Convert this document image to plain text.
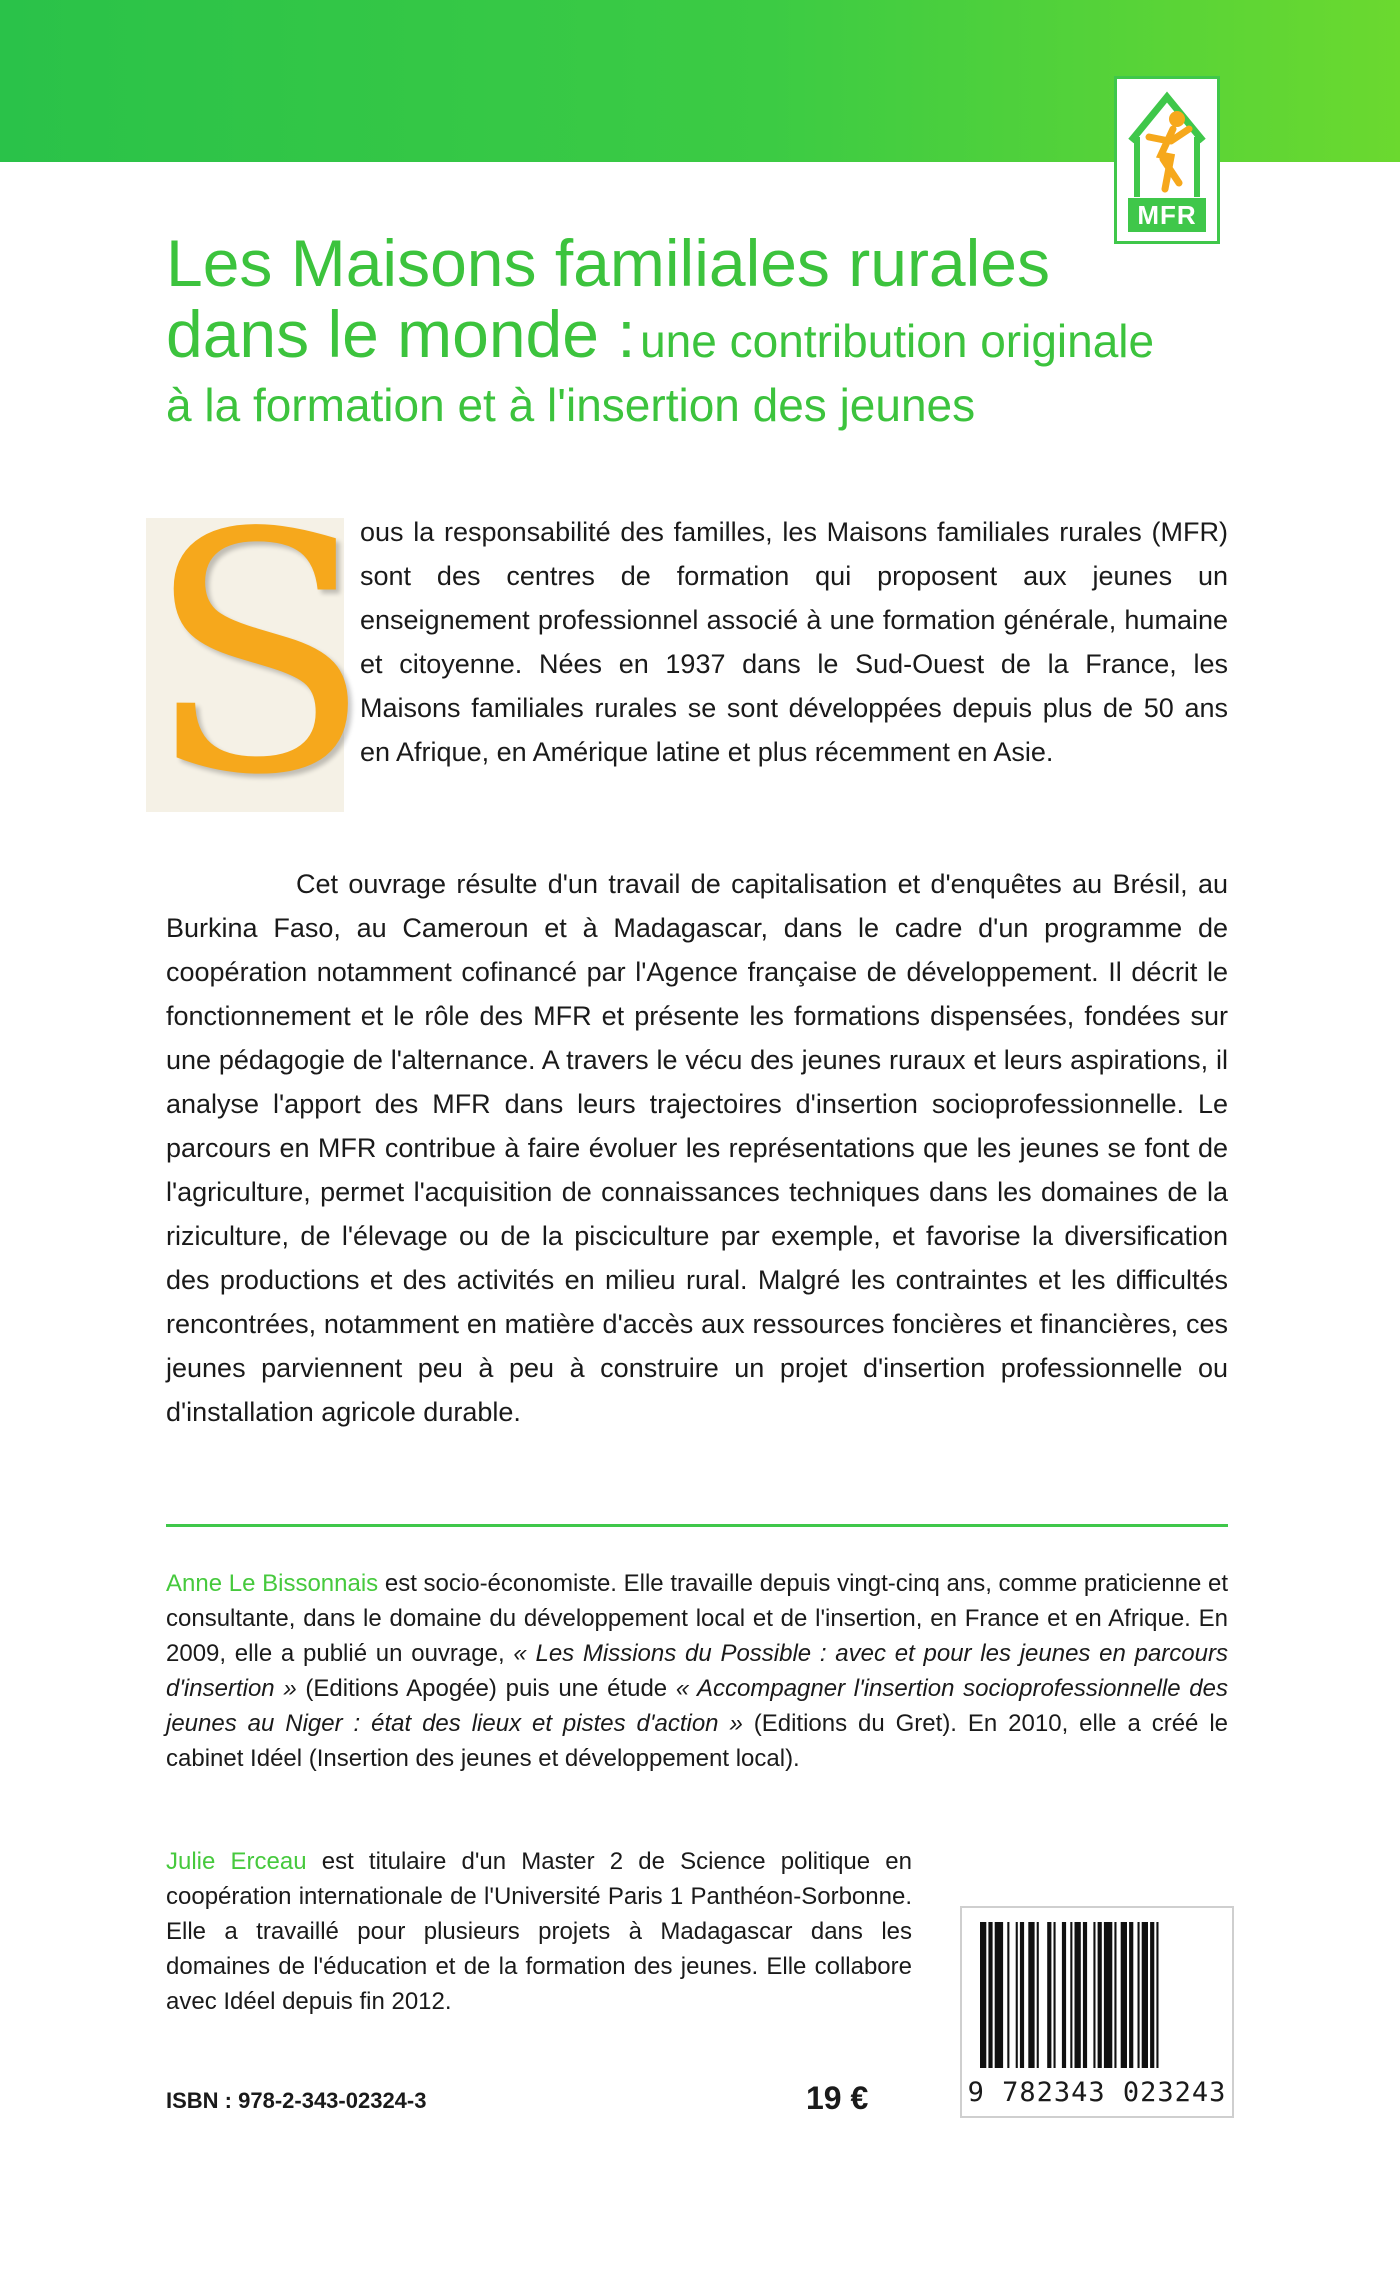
MFR
Les Maisons familiales rurales
dans le monde : une contribution originale
à la formation et à l'insertion des jeunes
S

ous la responsabilité des familles, les Maisons familiales rurales (MFR) sont des centres de formation qui proposent aux jeunes un enseignement professionnel associé à une formation générale, humaine et citoyenne. Nées en 1937 dans le Sud-Ouest de la France, les Maisons familiales rurales se sont développées depuis plus de 50 ans en Afrique, en Amérique latine et plus récemment en Asie.

Cet ouvrage résulte d'un travail de capitalisation et d'enquêtes au Brésil, au Burkina Faso, au Cameroun et à Madagascar, dans le cadre d'un programme de coopération notamment cofinancé par l'Agence française de développement. Il décrit le fonctionnement et le rôle des MFR et présente les formations dispensées, fondées sur une pédagogie de l'alternance. A travers le vécu des jeunes ruraux et leurs aspirations, il analyse l'apport des MFR dans leurs trajectoires d'insertion socioprofessionnelle. Le parcours en MFR contribue à faire évoluer les représentations que les jeunes se font de l'agriculture, permet l'acquisition de connaissances techniques dans les domaines de la riziculture, de l'élevage ou de la pisciculture par exemple, et favorise la diversification des productions et des activités en milieu rural. Malgré les contraintes et les difficultés rencontrées, notamment en matière d'accès aux ressources foncières et financières, ces jeunes parviennent peu à peu à construire un projet d'insertion professionnelle ou d'installation agricole durable.

Anne Le Bissonnais est socio-économiste. Elle travaille depuis vingt-cinq ans, comme praticienne et consultante, dans le domaine du développement local et de l'insertion, en France et en Afrique. En 2009, elle a publié un ouvrage, « Les Missions du Possible : avec et pour les jeunes en parcours d'insertion » (Editions Apogée) puis une étude « Accompagner l'insertion socioprofessionnelle des jeunes au Niger : état des lieux et pistes d'action » (Editions du Gret). En 2010, elle a créé le cabinet Idéel (Insertion des jeunes et développement local).

Julie Erceau est titulaire d'un Master 2 de Science politique en coopération internationale de l'Université Paris 1 Panthéon-Sorbonne. Elle a travaillé pour plusieurs projets à Madagascar dans les domaines de l'éducation et de la formation des jeunes. Elle collabore avec Idéel depuis fin 2012.

9 782343 023243
ISBN : 978-2-343-02324-3	19 €
